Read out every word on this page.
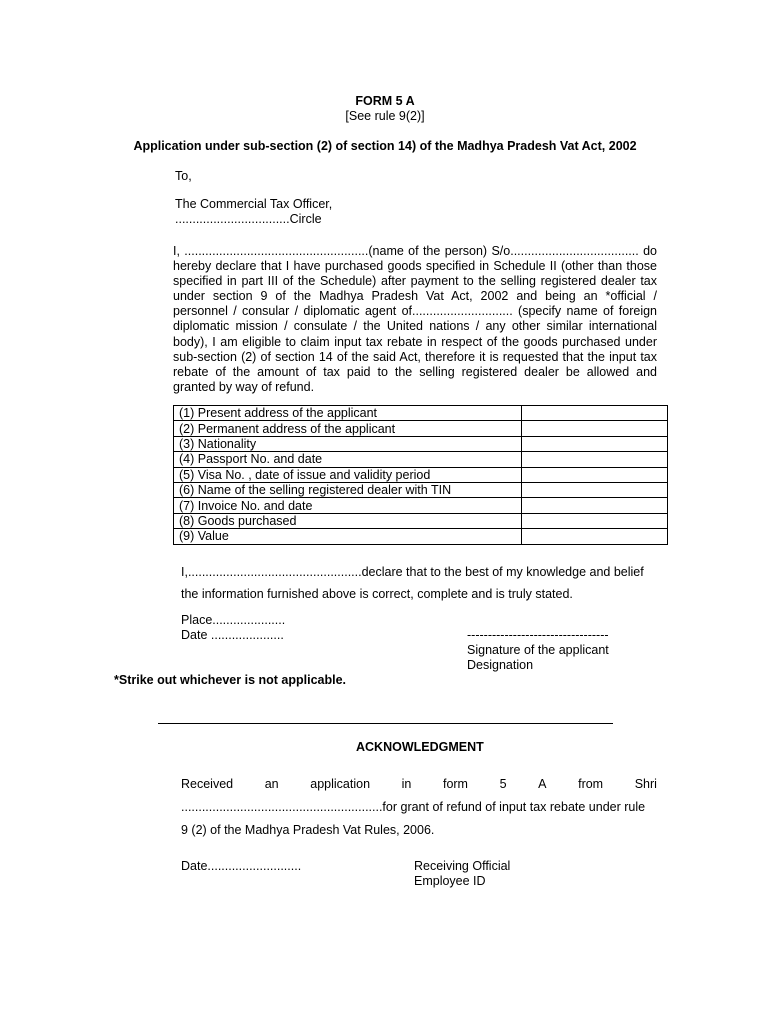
FORM 5 A
[See rule 9(2)]
Application under sub-section (2) of section 14) of the Madhya Pradesh Vat Act, 2002
To,
The Commercial Tax Officer,
.................................Circle
I, .....................................................(name of the person) S/o..................................... do
hereby declare that I have purchased goods specified in Schedule II (other than those
specified in part III of the Schedule) after payment to the selling registered dealer tax
under section 9 of the Madhya Pradesh Vat Act, 2002 and being an *official /
personnel / consular / diplomatic agent of............................. (specify name of foreign
diplomatic mission / consulate / the United nations / any other similar international
body), I am eligible to claim input tax rebate in respect of the goods purchased under
sub-section (2) of section 14 of the said Act, therefore it is requested that the input tax
rebate of the amount of tax paid to the selling registered dealer be allowed and
granted by way of refund.
(1) Present address of the applicant	
(2) Permanent address of the applicant	
(3) Nationality	
(4) Passport No. and date	
(5) Visa No. , date of issue and validity period	
(6) Name of the selling registered dealer with TIN	
(7) Invoice No. and date	
(8) Goods purchased	
(9) Value	
I,..................................................declare that to the best of my knowledge and belief
the information furnished above is correct, complete and is truly stated.
Place.....................
Date .....................	----------------------------------
Signature of the applicant
Designation
*Strike out whichever is not applicable.
ACKNOWLEDGMENT
Received	an	application	in	form	5	A	from	Shri
..........................................................for grant of refund of input tax rebate under rule
9 (2) of the Madhya Pradesh Vat Rules, 2006.
Date...........................	Receiving Official
Employee ID
